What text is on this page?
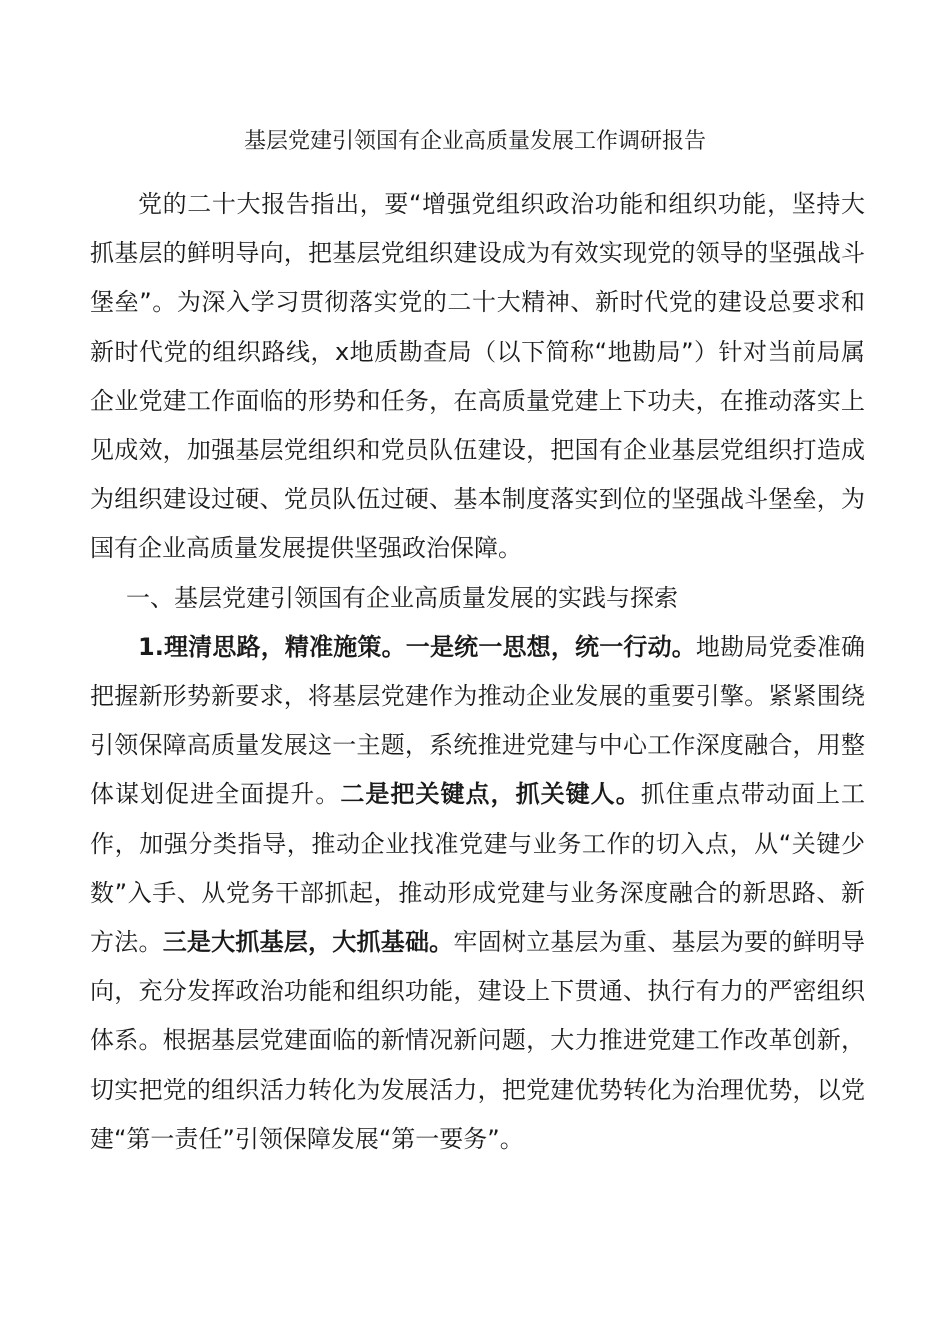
基层党建引领国有企业高质量发展工作调研报告

党的二十大报告指出，要“增强党组织政治功能和组织功能，坚持大抓基层的鲜明导向，把基层党组织建设成为有效实现党的领导的坚强战斗堡垒”。为深入学习贯彻落实党的二十大精神、新时代党的建设总要求和新时代党的组织路线，x地质勘查局（以下简称“地勘局”）针对当前局属企业党建工作面临的形势和任务，在高质量党建上下功夫，在推动落实上见成效，加强基层党组织和党员队伍建设，把国有企业基层党组织打造成为组织建设过硬、党员队伍过硬、基本制度落实到位的坚强战斗堡垒，为国有企业高质量发展提供坚强政治保障。

一、基层党建引领国有企业高质量发展的实践与探索

1.理清思路，精准施策。一是统一思想，统一行动。地勘局党委准确把握新形势新要求，将基层党建作为推动企业发展的重要引擎。紧紧围绕引领保障高质量发展这一主题，系统推进党建与中心工作深度融合，用整体谋划促进全面提升。二是把关键点，抓关键人。抓住重点带动面上工作，加强分类指导，推动企业找准党建与业务工作的切入点，从“关键少数”入手、从党务干部抓起，推动形成党建与业务深度融合的新思路、新方法。三是大抓基层，大抓基础。牢固树立基层为重、基层为要的鲜明导向，充分发挥政治功能和组织功能，建设上下贯通、执行有力的严密组织体系。根据基层党建面临的新情况新问题，大力推进党建工作改革创新，切实把党的组织活力转化为发展活力，把党建优势转化为治理优势，以党建“第一责任”引领保障发展“第一要务”。
